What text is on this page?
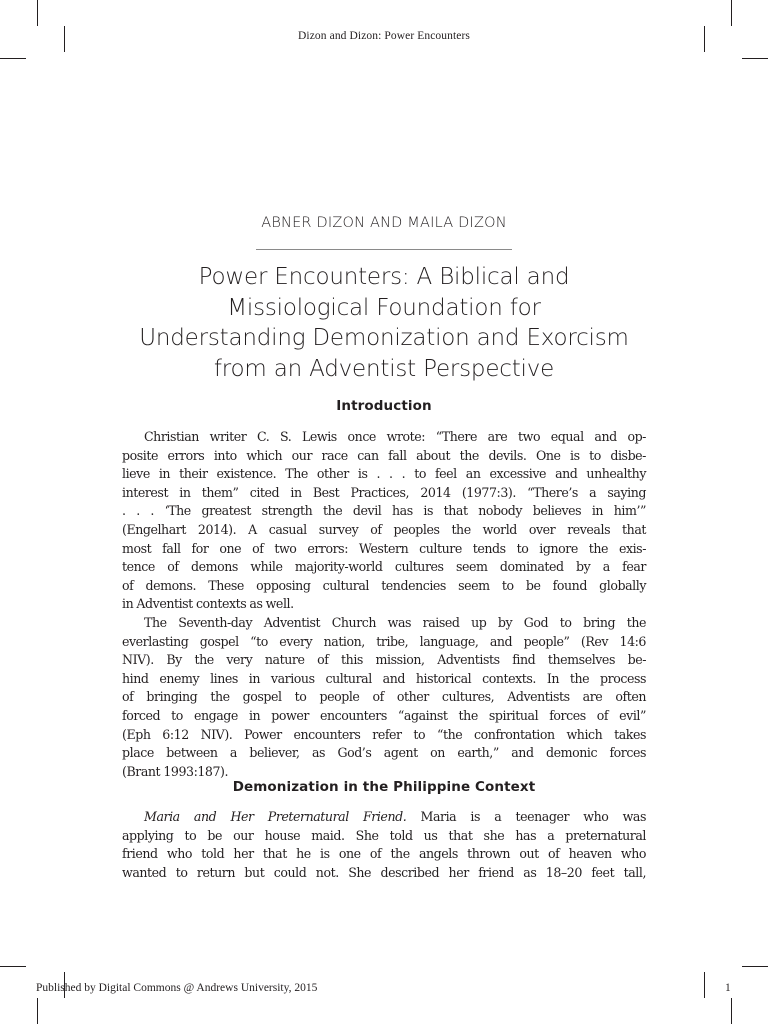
Dizon and Dizon: Power Encounters
ABNER DIZON AND MAILA DIZON
Power Encounters: A Biblical and
Missiological Foundation for
Understanding Demonization and Exorcism
from an Adventist Perspective
Introduction
Christian writer C. S. Lewis once wrote: “There are two equal and op-
posite errors into which our race can fall about the devils. One is to disbe-
lieve in their existence. The other is . . . to feel an excessive and unhealthy
interest in them” cited in Best Practices, 2014 (1977:3). “There’s a saying
. . . ‘The greatest strength the devil has is that nobody believes in him’”
(Engelhart 2014). A casual survey of peoples the world over reveals that
most fall for one of two errors: Western culture tends to ignore the exis-
tence of demons while majority-world cultures seem dominated by a fear
of demons. These opposing cultural tendencies seem to be found globally
in Adventist contexts as well.
The Seventh-day Adventist Church was raised up by God to bring the
everlasting gospel “to every nation, tribe, language, and people” (Rev 14:6
NIV). By the very nature of this mission, Adventists find themselves be-
hind enemy lines in various cultural and historical contexts. In the process
of bringing the gospel to people of other cultures, Adventists are often
forced to engage in power encounters “against the spiritual forces of evil”
(Eph 6:12 NIV). Power encounters refer to “the confrontation which takes
place between a believer, as God’s agent on earth,” and demonic forces
(Brant 1993:187).
Demonization in the Philippine Context
Maria and Her Preternatural Friend. Maria is a teenager who was
applying to be our house maid. She told us that she has a preternatural
friend who told her that he is one of the angels thrown out of heaven who
wanted to return but could not. She described her friend as 18–20 feet tall,
Published by Digital Commons @ Andrews University, 2015	1
